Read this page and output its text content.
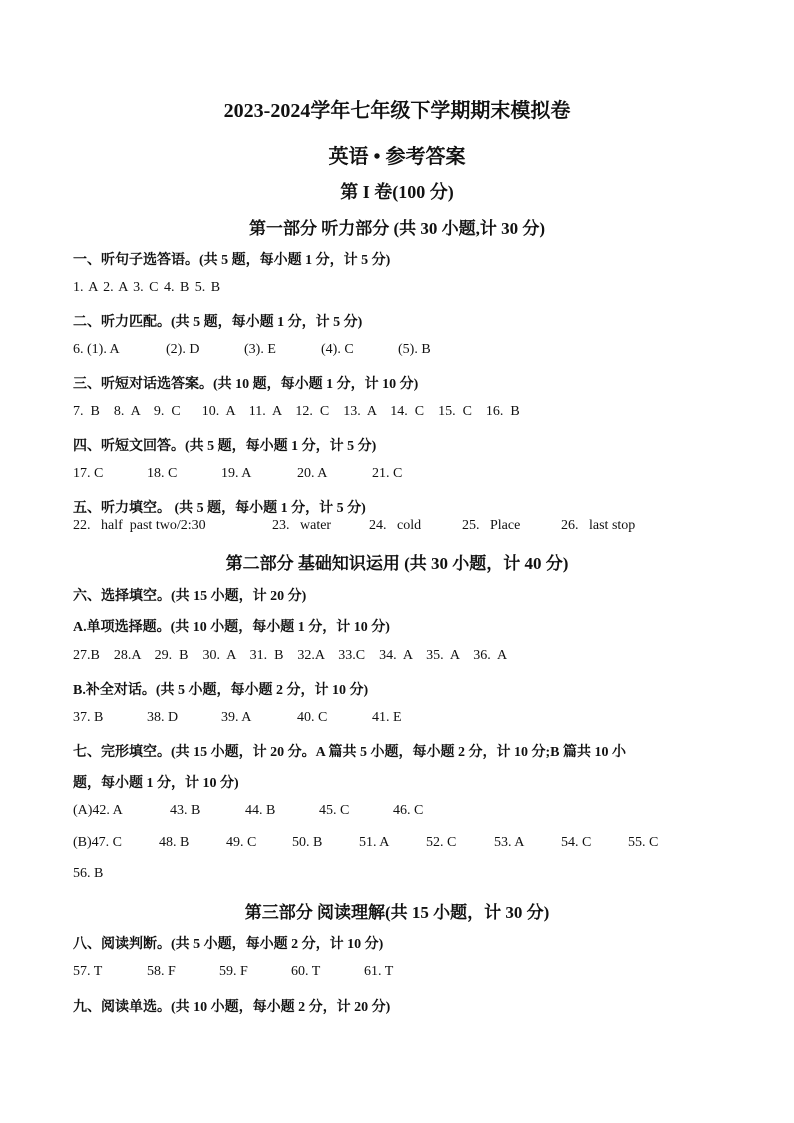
2023-2024学年七年级下学期期末模拟卷
英语 • 参考答案
第 I 卷(100 分)
第一部分 听力部分 (共 30 小题,计 30 分)
一、听句子选答语。(共 5 题，每小题 1 分，计 5 分)
1. A 2. A 3. C 4. B 5. B
二、听力匹配。(共 5 题，每小题 1 分，计 5 分)
6. (1). A	(2). D	(3). E	(4). C	(5). B
三、听短对话选答案。(共 10 题，每小题 1 分，计 10 分)
7.  B    8.  A    9.  C      10.  A    11.  A    12.  C    13.  A    14.  C    15.  C    16.  B
四、听短文回答。(共 5 题，每小题 1 分，计 5 分)
17. C	18. C	19. A	20. A	21. C
五、听力填空。 (共 5 题，每小题 1 分，计 5 分)
22.   half  past two/2:30	23.   water	24.   cold	25.   Place	26.   last stop
第二部分 基础知识运用 (共 30 小题，计 40 分)
六、选择填空。(共 15 小题，计 20 分)
A.单项选择题。(共 10 小题，每小题 1 分，计 10 分)
27.B    28.A    29.  B    30.  A    31.  B    32.A    33.C    34.  A    35.  A    36.  A
B.补全对话。(共 5 小题，每小题 2 分，计 10 分)
37. B	38. D	39. A	40. C	41. E
七、完形填空。(共 15 小题，计 20 分。A 篇共 5 小题，每小题 2 分，计 10 分;B 篇共 10 小
题，每小题 1 分，计 10 分)
(A)42. A	43. B	44. B	45. C	46. C
(B)47. C	48. B	49. C	50. B	51. A	52. C	53. A	54. C	55. C
56. B
第三部分 阅读理解(共 15 小题，计 30 分)
八、阅读判断。(共 5 小题，每小题 2 分，计 10 分)
57. T	58. F	59. F	60. T	61. T
九、阅读单选。(共 10 小题，每小题 2 分，计 20 分)
